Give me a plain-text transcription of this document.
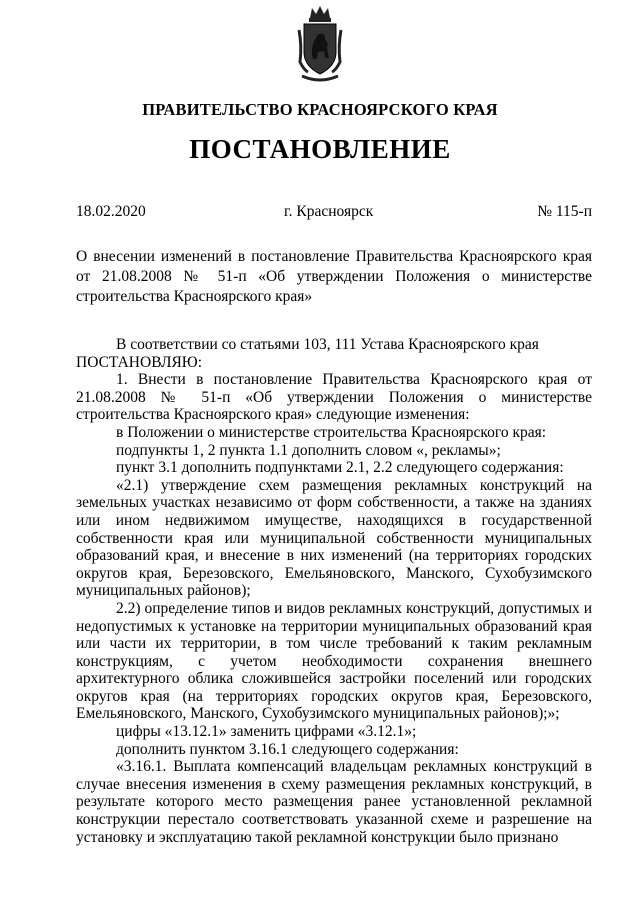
ПРАВИТЕЛЬСТВО КРАСНОЯРСКОГО КРАЯ
ПОСТАНОВЛЕНИЕ
18.02.2020	г. Красноярск	№ 115-п
О внесении изменений в постановление Правительства Красноярского края от 21.08.2008 № 51-п «Об утверждении Положения о министерстве строительства Красноярского края»

В соответствии со статьями 103, 111 Устава Красноярского края

ПОСТАНОВЛЯЮ:

1. Внести в постановление Правительства Красноярского края от 21.08.2008 № 51-п «Об утверждении Положения о министерстве строительства Красноярского края» следующие изменения:

в Положении о министерстве строительства Красноярского края:

подпункты 1, 2 пункта 1.1 дополнить словом «, рекламы»;

пункт 3.1 дополнить подпунктами 2.1, 2.2 следующего содержания:

«2.1) утверждение схем размещения рекламных конструкций на земельных участках независимо от форм собственности, а также на зданиях или ином недвижимом имуществе, находящихся в государственной собственности края или муниципальной собственности муниципальных образований края, и внесение в них изменений (на территориях городских округов края, Березовского, Емельяновского, Манского, Сухобузимского муниципальных районов);

2.2) определение типов и видов рекламных конструкций, допустимых и недопустимых к установке на территории муниципальных образований края или части их территории, в том числе требований к таким рекламным конструкциям, с учетом необходимости сохранения внешнего архитектурного облика сложившейся застройки поселений или городских округов края (на территориях городских округов края, Березовского, Емельяновского, Манского, Сухобузимского муниципальных районов);»;

цифры «13.12.1» заменить цифрами «3.12.1»;

дополнить пунктом 3.16.1 следующего содержания:

«3.16.1. Выплата компенсаций владельцам рекламных конструкций в случае внесения изменения в схему размещения рекламных конструкций, в результате которого место размещения ранее установленной рекламной конструкции перестало соответствовать указанной схеме и разрешение на установку и эксплуатацию такой рекламной конструкции было признано
